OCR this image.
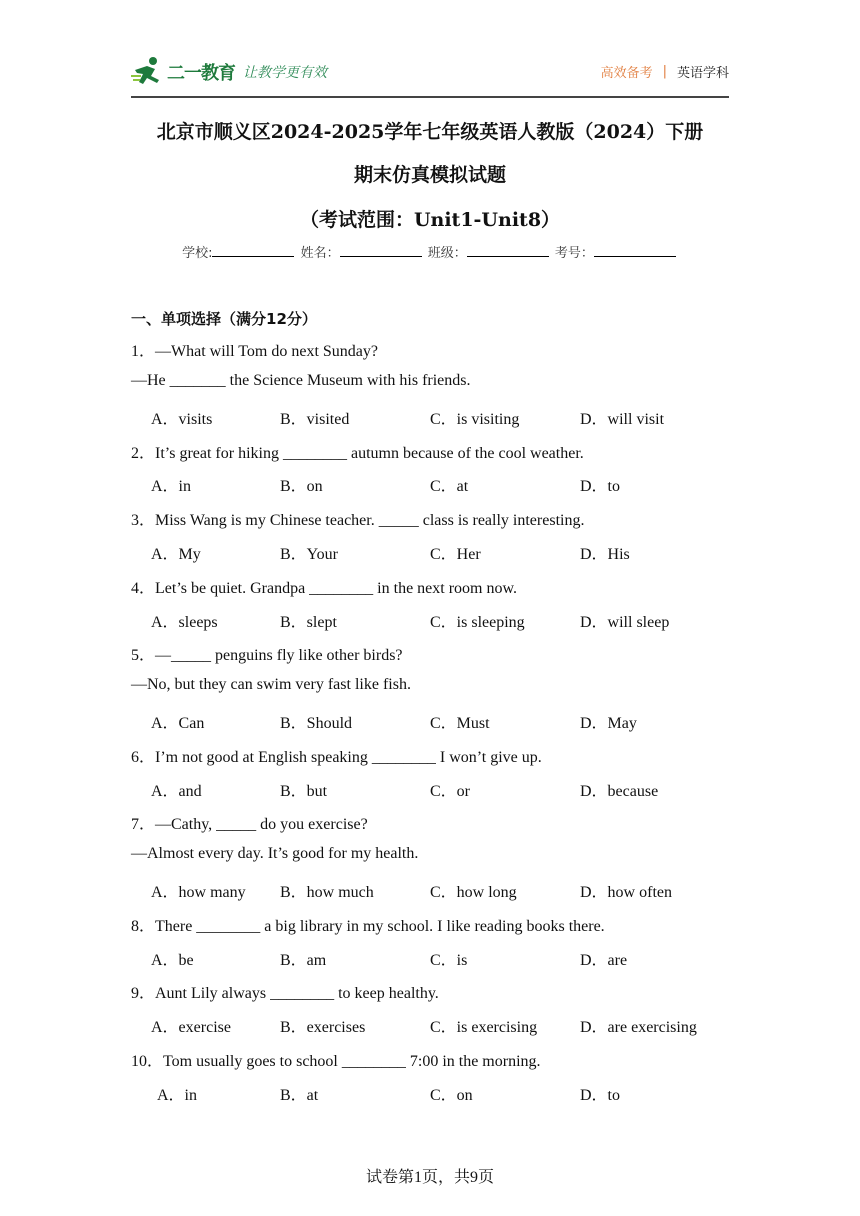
二一教育 让教学更有效	高效备考 | 英语学科
北京市顺义区2024-2025学年七年级英语人教版（2024）下册
期末仿真模拟试题
（考试范围：Unit1-Unit8）
学校:	姓名：	班级：	考号：
一、单项选择（满分12分）
1．—What will Tom do next Sunday?
—He _______ the Science Museum with his friends.
A．visits	B．visited	C．is visiting	D．will visit
2．It’s great for hiking ________ autumn because of the cool weather.
A．in	B．on	C．at	D．to
3．Miss Wang is my Chinese teacher. _____ class is really interesting.
A．My	B．Your	C．Her	D．His
4．Let’s be quiet. Grandpa ________ in the next room now.
A．sleeps	B．slept	C．is sleeping	D．will sleep
5．—_____ penguins fly like other birds?
—No, but they can swim very fast like fish.
A．Can	B．Should	C．Must	D．May
6．I’m not good at English speaking ________ I won’t give up.
A．and	B．but	C．or	D．because
7．—Cathy, _____ do you exercise?
—Almost every day. It’s good for my health.
A．how many B．how much	C．how long	D．how often
8．There ________ a big library in my school. I like reading books there.
A．be	B．am	C．is	D．are
9．Aunt Lily always ________ to keep healthy.
A．exercise	B．exercises	C．is exercising	D．are exercising
10．Tom usually goes to school ________ 7:00 in the morning.
A．in	B．at	C．on	D．to
试卷第1页，共9页
